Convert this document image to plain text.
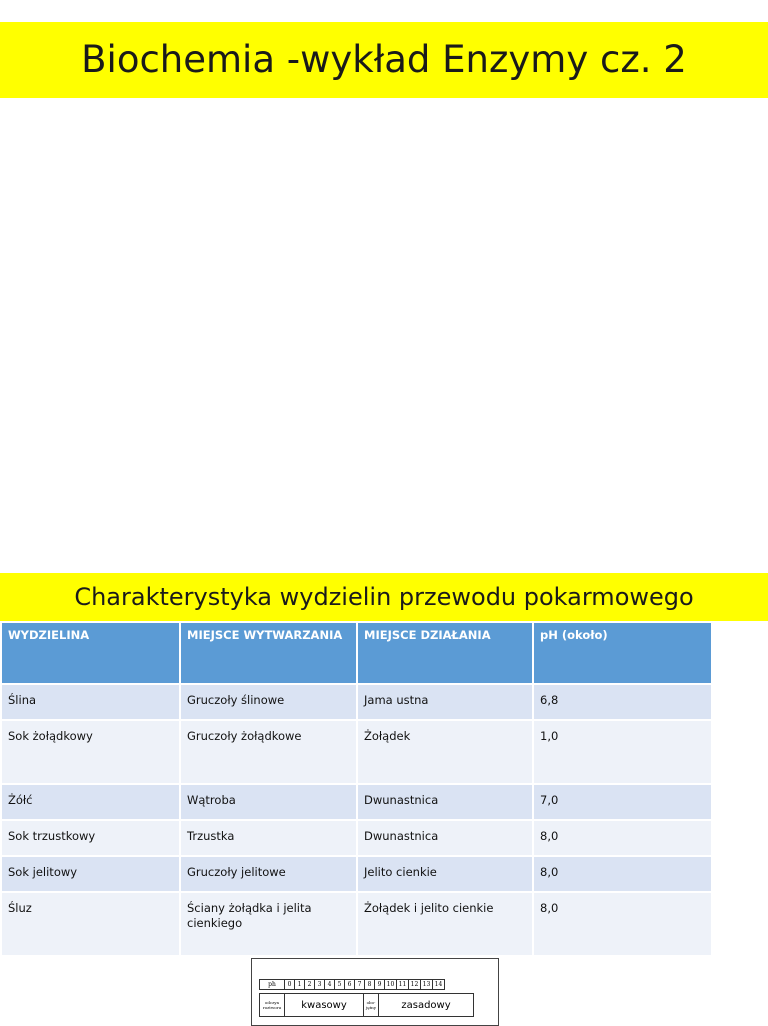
Biochemia -wykład Enzymy cz. 2
Charakterystyka wydzielin przewodu pokarmowego
WYDZIELINA	MIEJSCE WYTWARZANIA	MIEJSCE DZIAŁANIA	pH (około)
Ślina	Gruczoły ślinowe	Jama ustna	6,8
Sok żołądkowy	Gruczoły żołądkowe	Żołądek	1,0
Żółć	Wątroba	Dwunastnica	7,0
Sok trzustkowy	Trzustka	Dwunastnica	8,0
Sok jelitowy	Gruczoły jelitowe	Jelito cienkie	8,0
Śluz	Ściany żołądka i jelita cienkiego	Żołądek i jelito cienkie	8,0
ph	0	1	2	3	4	5	6	7	8	9 10 11 12 13 14
odczyn roztworu	kwasowy	obo-jętny	zasadowy
